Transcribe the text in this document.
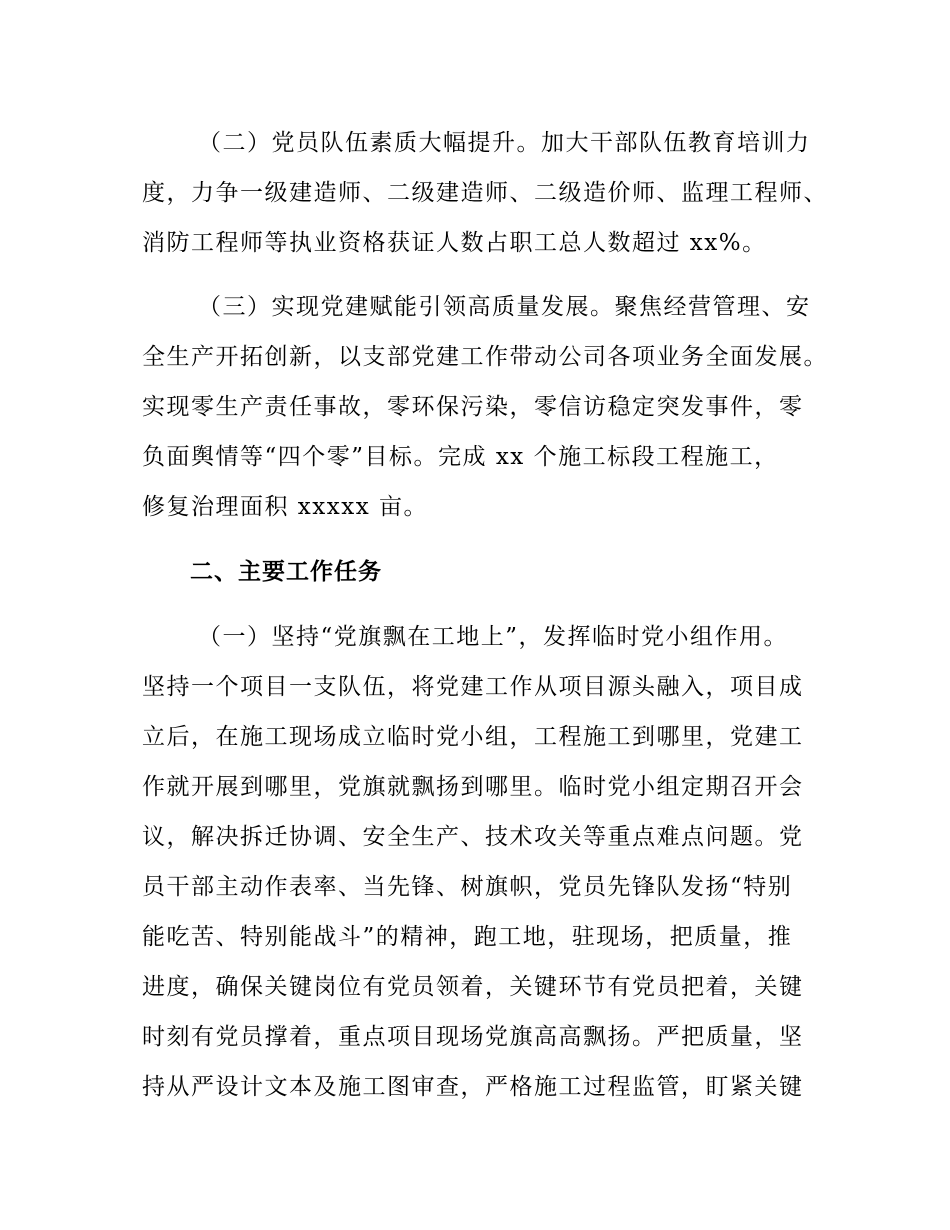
（二）党员队伍素质大幅提升。加大干部队伍教育培训力
度，力争一级建造师、二级建造师、二级造价师、监理工程师、
消防工程师等执业资格获证人数占职工总人数超过 xx%。
（三）实现党建赋能引领高质量发展。聚焦经营管理、安
全生产开拓创新，以支部党建工作带动公司各项业务全面发展。
实现零生产责任事故，零环保污染，零信访稳定突发事件，零
负面舆情等“四个零”目标。完成 xx 个施工标段工程施工，
修复治理面积 xxxxx 亩。
二、主要工作任务
（一）坚持“党旗飘在工地上”，发挥临时党小组作用。
坚持一个项目一支队伍，将党建工作从项目源头融入，项目成
立后，在施工现场成立临时党小组，工程施工到哪里，党建工
作就开展到哪里，党旗就飘扬到哪里。临时党小组定期召开会
议，解决拆迁协调、安全生产、技术攻关等重点难点问题。党
员干部主动作表率、当先锋、树旗帜，党员先锋队发扬“特别
能吃苦、特别能战斗”的精神，跑工地，驻现场，把质量，推
进度，确保关键岗位有党员领着，关键环节有党员把着，关键
时刻有党员撑着，重点项目现场党旗高高飘扬。严把质量，坚
持从严设计文本及施工图审查，严格施工过程监管，盯紧关键
